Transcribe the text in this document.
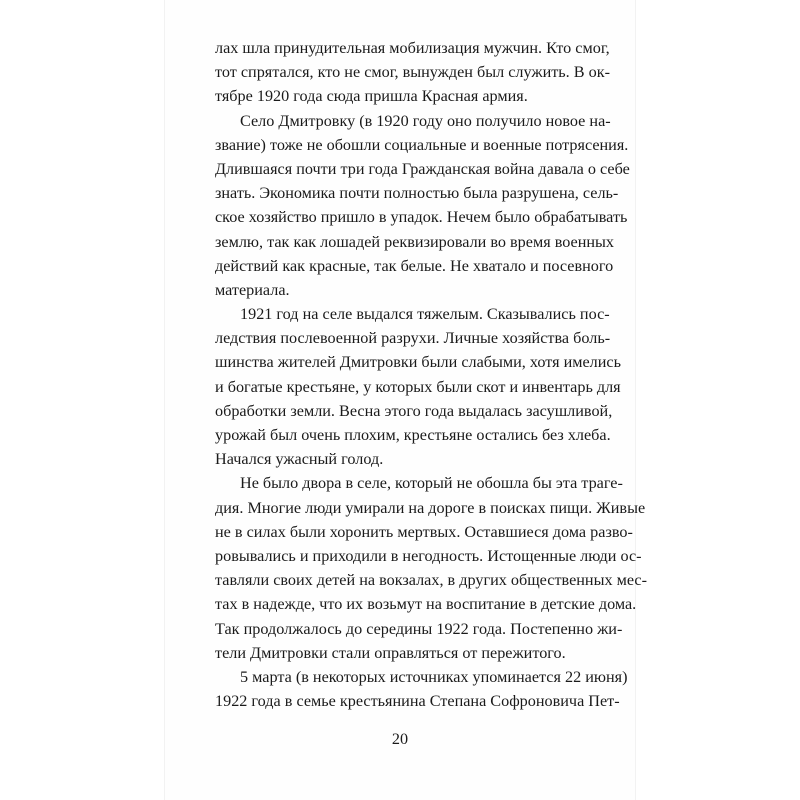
лах шла принудительная мобилизация мужчин. Кто смог,
тот спрятался, кто не смог, вынужден был служить. В ок-
тябре 1920 года сюда пришла Красная армия.
Село Дмитровку (в 1920 году оно получило новое на-
звание) тоже не обошли социальные и военные потрясения.
Длившаяся почти три года Гражданская война давала о себе
знать. Экономика почти полностью была разрушена, сель-
ское хозяйство пришло в упадок. Нечем было обрабатывать
землю, так как лошадей реквизировали во время военных
действий как красные, так белые. Не хватало и посевного
материала.
1921 год на селе выдался тяжелым. Сказывались пос-
ледствия послевоенной разрухи. Личные хозяйства боль-
шинства жителей Дмитровки были слабыми, хотя имелись
и богатые крестьяне, у которых были скот и инвентарь для
обработки земли. Весна этого года выдалась засушливой,
урожай был очень плохим, крестьяне остались без хлеба.
Начался ужасный голод.
Не было двора в селе, который не обошла бы эта траге-
дия. Многие люди умирали на дороге в поисках пищи. Живые
не в силах были хоронить мертвых. Оставшиеся дома разво-
ровывались и приходили в негодность. Истощенные люди ос-
тавляли своих детей на вокзалах, в других общественных мес-
тах в надежде, что их возьмут на воспитание в детские дома.
Так продолжалось до середины 1922 года. Постепенно жи-
тели Дмитровки стали оправляться от пережитого.
5 марта (в некоторых источниках упоминается 22 июня)
1922 года в семье крестьянина Степана Софроновича Пет-
20
